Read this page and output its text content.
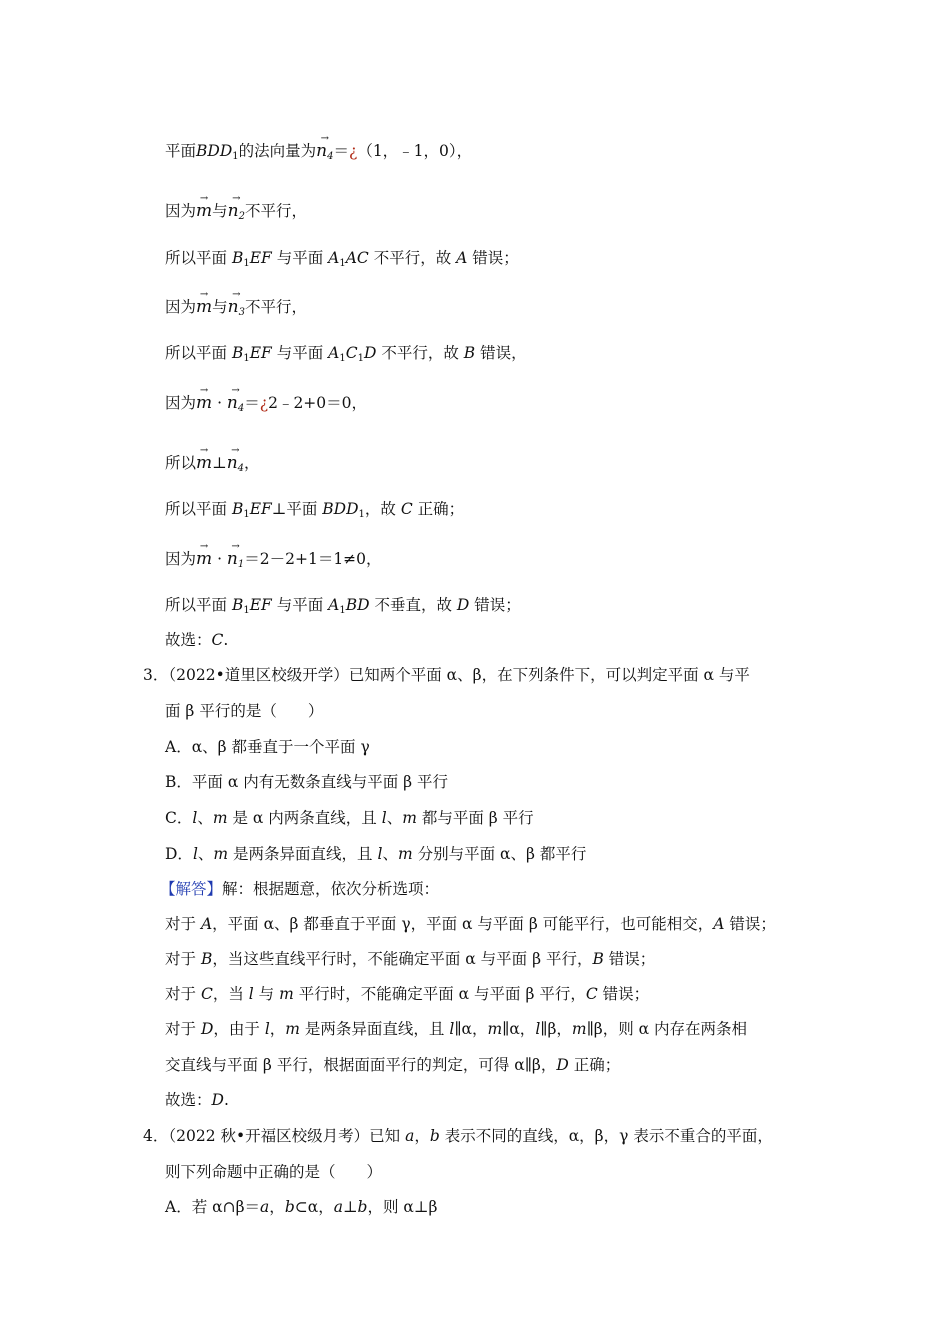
平面$BDD_1$的法向量为→ $n_4=¿(1$，﹣1，0），
因为→ m与→ $n_2$不平行，
所以平面 $B_1EF$ 与平面 $A_1AC$ 不平行，故 A 错误；
因为→ m与→ $n_3$不平行，
所以平面 $B_1EF$ 与平面 $A_1C_1D$ 不平行，故 B 错误，
因为→ m · → $n_4=¿2﹣2+0=0$，
所以→ m⊥→ $n_4$，
所以平面 $B_1EF\perp$平面 $BDD_1$，故 C 正确；
因为→ m · → $n_1=2-2+1=1\ne 0$，
所以平面 $B_1EF$ 与平面 $A_1BD$ 不垂直，故 D 错误；
故选：C.
3．（2022•道里区校级开学）已知两个平面 α、β，在下列条件下，可以判定平面 α 与平
面 β 平行的是（　　）
A．α、β 都垂直于一个平面 γ
B．平面 α 内有无数条直线与平面 β 平行
C．l、m 是 α 内两条直线，且 l、m 都与平面 β 平行
D．l、m 是两条异面直线，且 l、m 分别与平面 α、β 都平行
【解答】解：根据题意，依次分析选项：
对于 A，平面 α、β 都垂直于平面 γ，平面 α 与平面 β 可能平行，也可能相交，A 错误；
对于 B，当这些直线平行时，不能确定平面 α 与平面 β 平行，B 错误；
对于 C，当 l 与 m 平行时，不能确定平面 α 与平面 β 平行，C 错误；
对于 D，由于 l，m 是两条异面直线，且 l∥α，m∥α，l∥β，m∥β，则 α 内存在两条相
交直线与平面 β 平行，根据面面平行的判定，可得 α∥β，D 正确；
故选：D.
4．（2022 秋•开福区校级月考）已知 a，b 表示不同的直线，α，β，γ 表示不重合的平面，
则下列命题中正确的是（　　）
A．若 α∩β＝a，b⊂α，a⊥b，则 α⊥β
